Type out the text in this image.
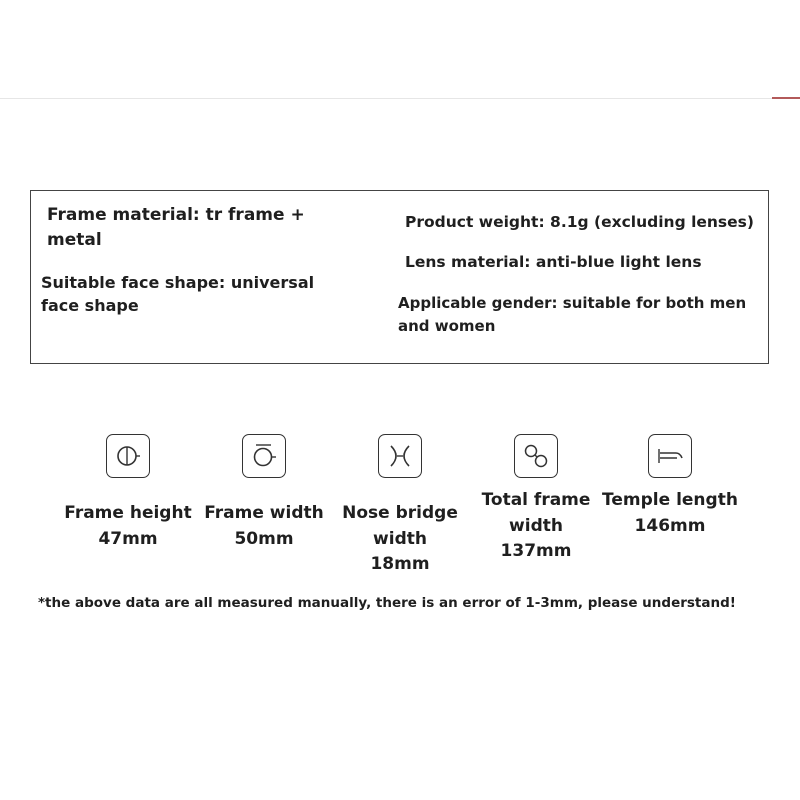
Frame material: tr frame + metal
Suitable face shape: universal face shape
Product weight: 8.1g (excluding lenses)
Lens material: anti-blue light lens
Applicable gender: suitable for both men and women
Frame height
47mm
Frame width
50mm
Nose bridge width
18mm
Total frame width
137mm
Temple length
146mm
*the above data are all measured manually, there is an error of 1-3mm, please understand!
